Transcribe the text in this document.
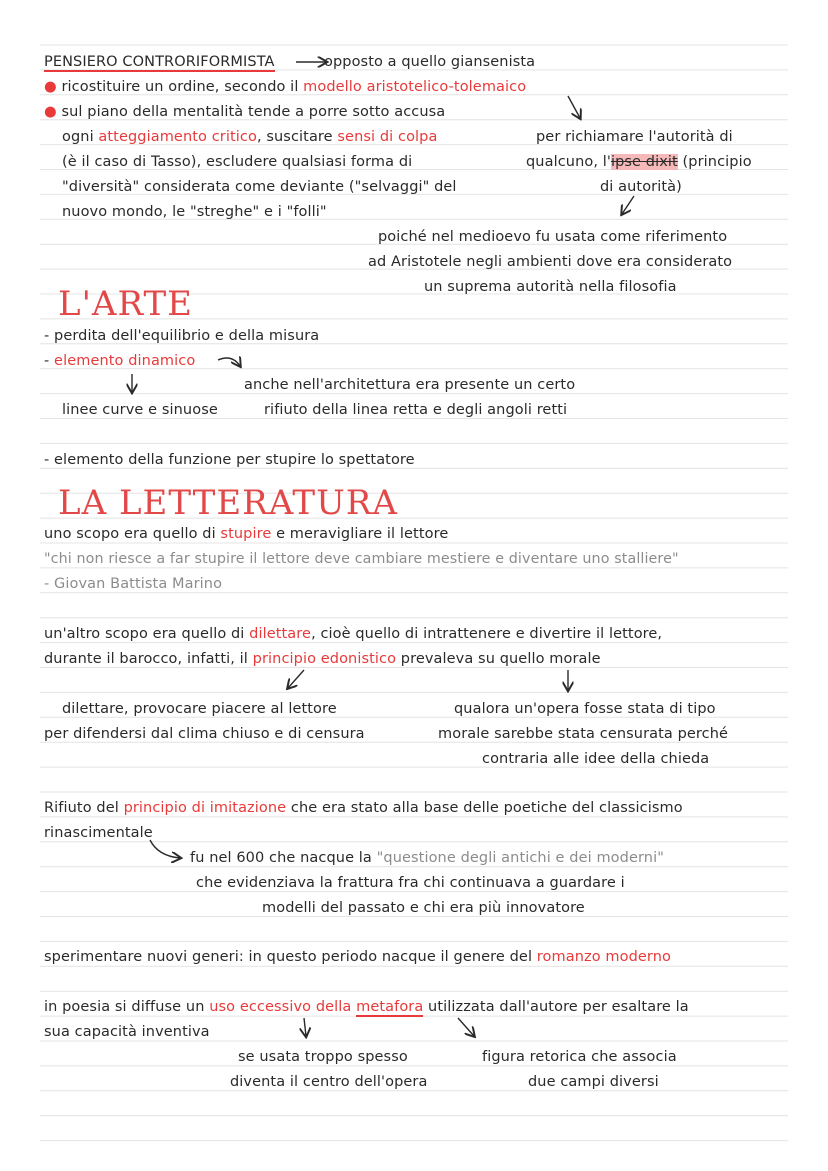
PENSIERO CONTRORIFORMISTA	opposto a quello giansenista
● ricostituire un ordine, secondo il modello aristotelico-tolemaico
● sul piano della mentalità tende a porre sotto accusa
ogni atteggiamento critico, suscitare sensi di colpa
(è il caso di Tasso), escludere qualsiasi forma di
"diversità" considerata come deviante ("selvaggi" del
nuovo mondo, le "streghe" e i "folli"
per richiamare l'autorità di
qualcuno, l'ipse dixit (principio
di autorità)
poiché nel medioevo fu usata come riferimento
ad Aristotele negli ambienti dove era considerato
un suprema autorità nella filosofia
L'ARTE
- perdita dell'equilibrio e della misura
- elemento dinamico
linee curve e sinuose
anche nell'architettura era presente un certo
rifiuto della linea retta e degli angoli retti
- elemento della funzione per stupire lo spettatore
LA LETTERATURA
uno scopo era quello di stupire e meravigliare il lettore
"chi non riesce a far stupire il lettore deve cambiare mestiere e diventare uno stalliere"
- Giovan Battista Marino
un'altro scopo era quello di dilettare, cioè quello di intrattenere e divertire il lettore,
durante il barocco, infatti, il principio edonistico prevaleva su quello morale
dilettare, provocare piacere al lettore
per difendersi dal clima chiuso e di censura
qualora un'opera fosse stata di tipo
morale sarebbe stata censurata perché
contraria alle idee della chieda
Rifiuto del principio di imitazione che era stato alla base delle poetiche del classicismo
rinascimentale
fu nel 600 che nacque la "questione degli antichi e dei moderni"
che evidenziava la frattura fra chi continuava a guardare i
modelli del passato e chi era più innovatore
sperimentare nuovi generi: in questo periodo nacque il genere del romanzo moderno
in poesia si diffuse un uso eccessivo della metafora utilizzata dall'autore per esaltare la
sua capacità inventiva
se usata troppo spesso
diventa il centro dell'opera
figura retorica che associa
due campi diversi
